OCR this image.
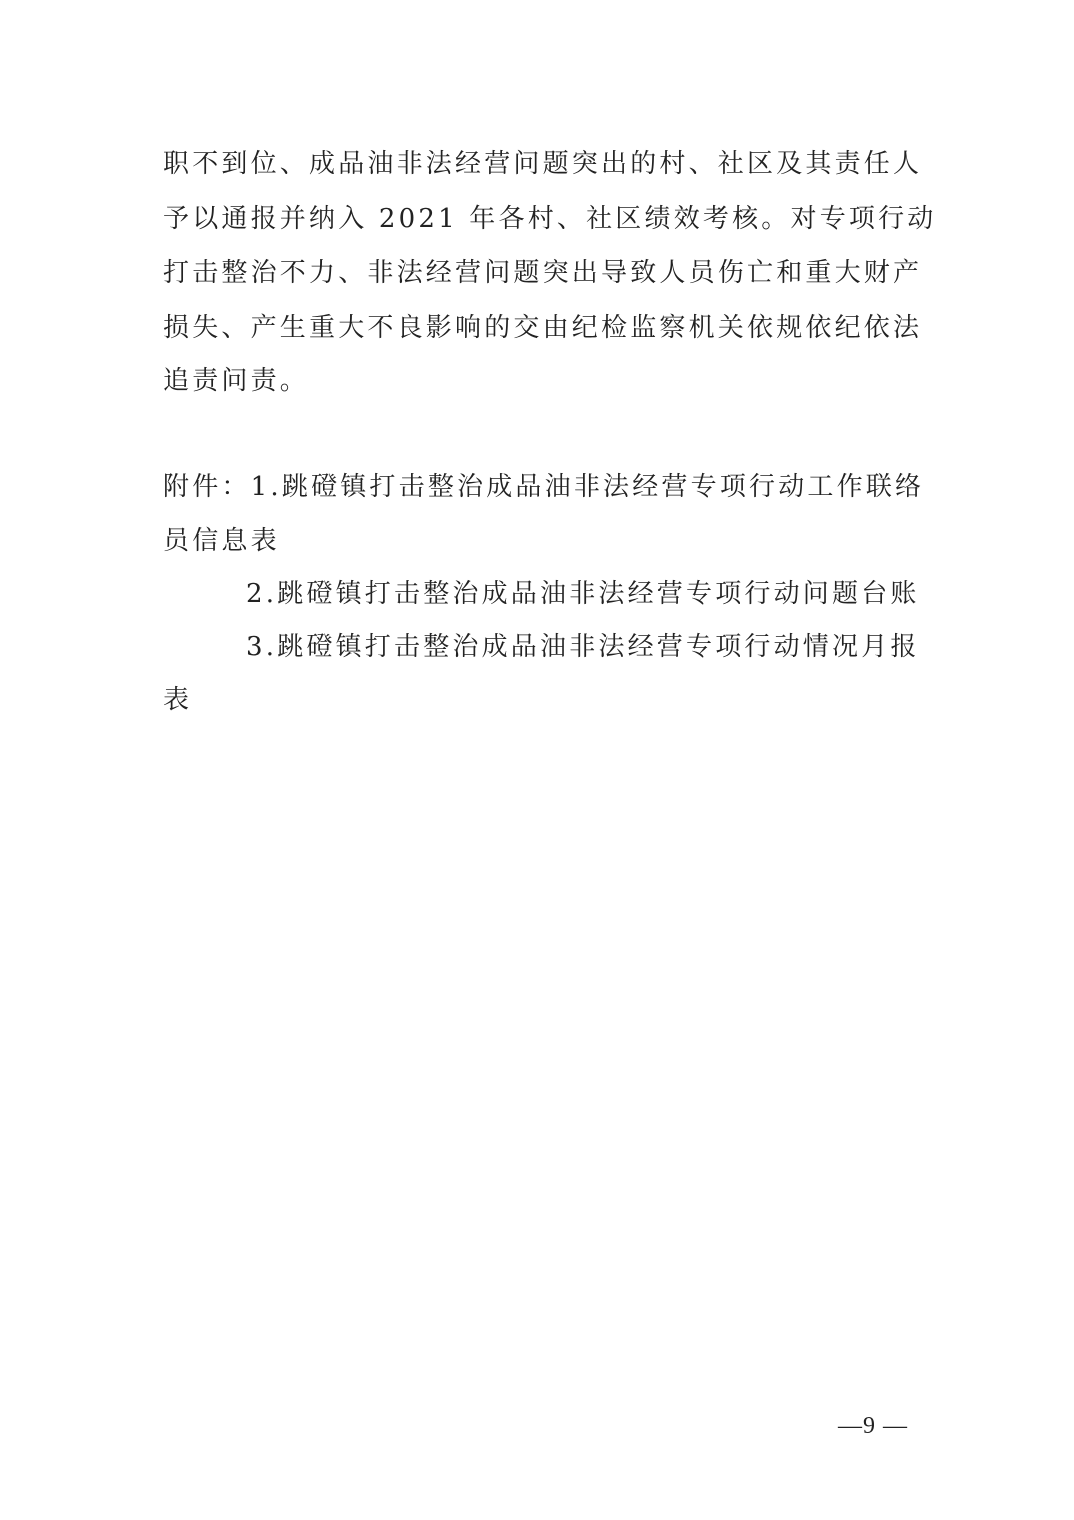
职不到位、成品油非法经营问题突出的村、社区及其责任人
予以通报并纳入 2021 年各村、社区绩效考核。对专项行动
打击整治不力、非法经营问题突出导致人员伤亡和重大财产
损失、产生重大不良影响的交由纪检监察机关依规依纪依法
追责问责。
附件：1.跳磴镇打击整治成品油非法经营专项行动工作联络
员信息表
2.跳磴镇打击整治成品油非法经营专项行动问题台账
3.跳磴镇打击整治成品油非法经营专项行动情况月报
表
—9 —
